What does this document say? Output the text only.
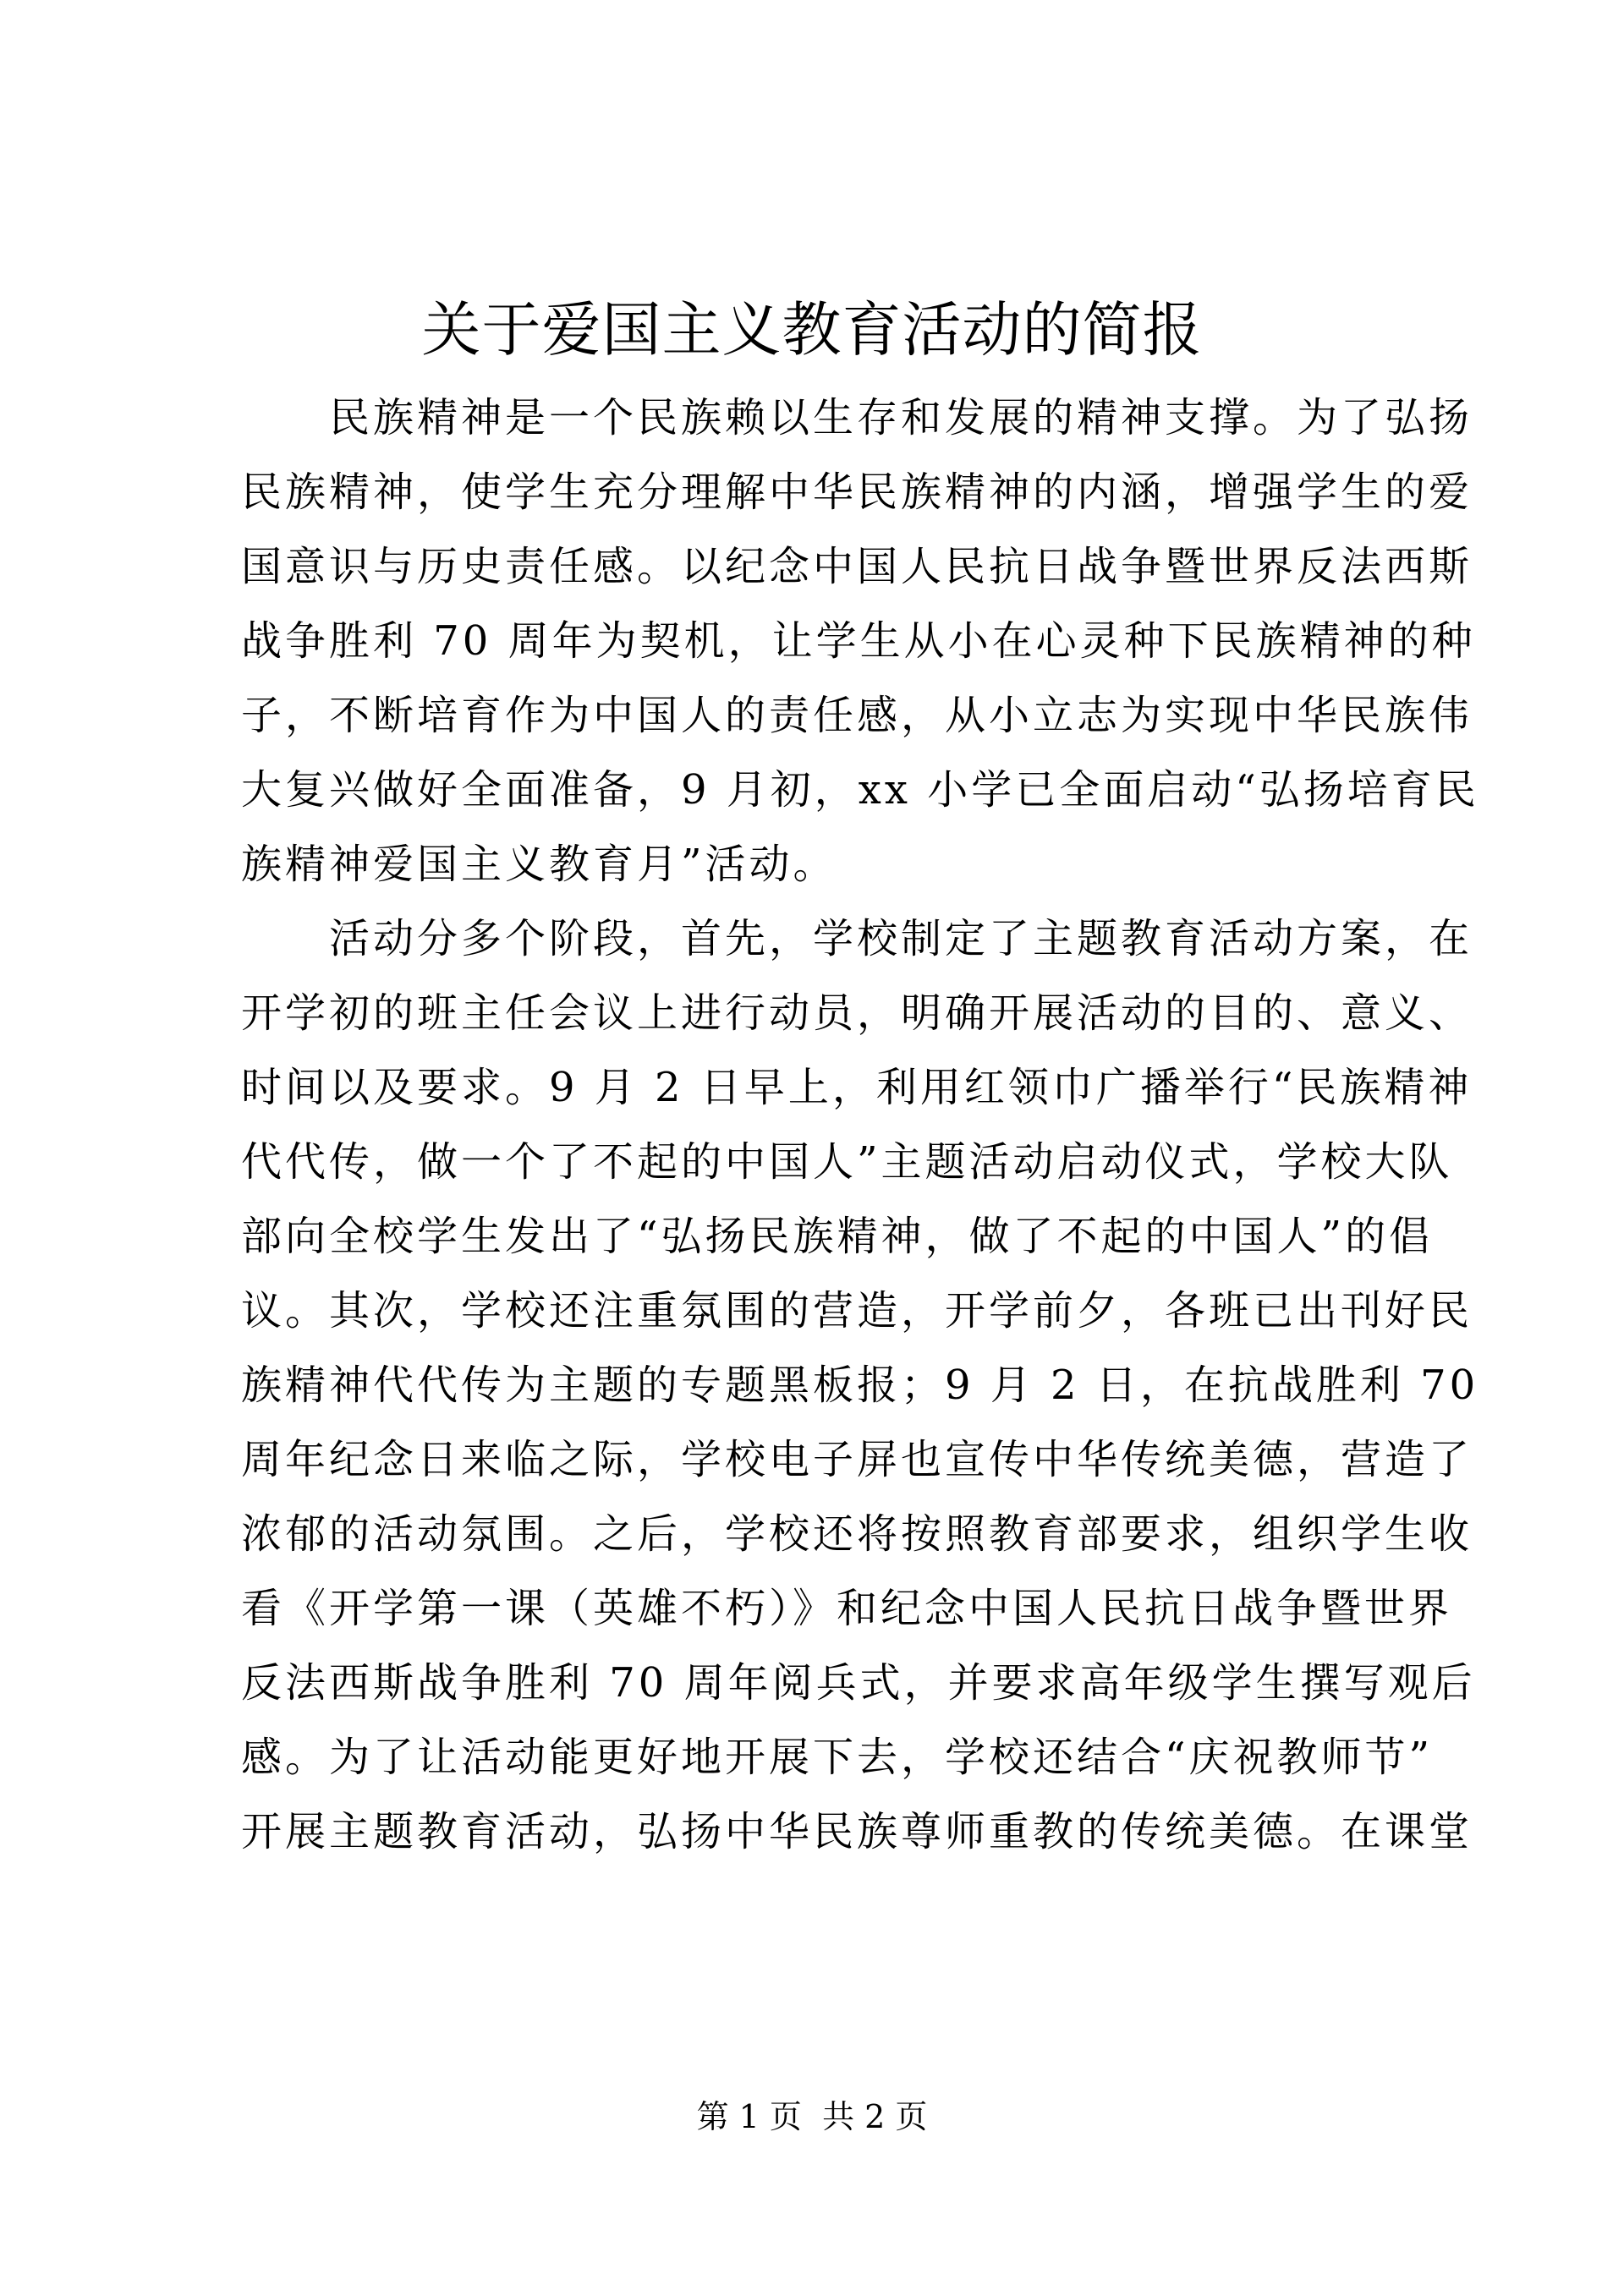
关于爱国主义教育活动的简报

　　民族精神是一个民族赖以生存和发展的精神支撑。为了弘扬
民族精神，使学生充分理解中华民族精神的内涵，增强学生的爱
国意识与历史责任感。以纪念中国人民抗日战争暨世界反法西斯
战争胜利 70 周年为契机，让学生从小在心灵种下民族精神的种
子，不断培育作为中国人的责任感，从小立志为实现中华民族伟
大复兴做好全面准备，9 月初，xx 小学已全面启动“弘扬培育民
族精神爱国主义教育月”活动。

　　活动分多个阶段，首先，学校制定了主题教育活动方案，在
开学初的班主任会议上进行动员，明确开展活动的目的、意义、
时间以及要求。9 月 2 日早上，利用红领巾广播举行“民族精神
代代传，做一个了不起的中国人”主题活动启动仪式，学校大队
部向全校学生发出了“弘扬民族精神，做了不起的中国人”的倡
议。其次，学校还注重氛围的营造，开学前夕，各班已出刊好民
族精神代代传为主题的专题黑板报；9 月 2 日，在抗战胜利 70
周年纪念日来临之际，学校电子屏也宣传中华传统美德，营造了
浓郁的活动氛围。之后，学校还将按照教育部要求，组织学生收
看《开学第一课（英雄不朽）》和纪念中国人民抗日战争暨世界
反法西斯战争胜利 70 周年阅兵式，并要求高年级学生撰写观后
感。为了让活动能更好地开展下去，学校还结合“庆祝教师节”
开展主题教育活动，弘扬中华民族尊师重教的传统美德。在课堂

第 1 页  共 2 页
